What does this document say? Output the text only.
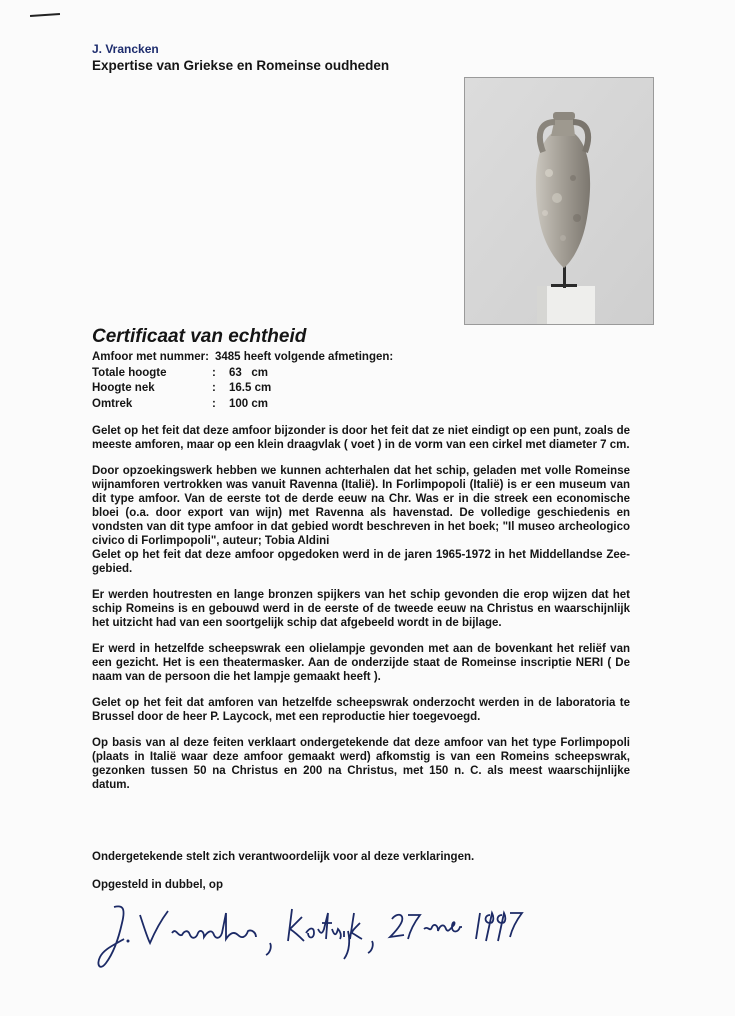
J. Vrancken
Expertise van Griekse en Romeinse oudheden
Certificaat van echtheid
Amfoor met nummer: 3485 heeft volgende afmetingen:
Totale hoogte	: 63   cm
Hoogte nek	: 16.5 cm
Omtrek	: 100 cm

Gelet op het feit dat deze amfoor bijzonder is door het feit dat ze niet eindigt op een punt, zoals de meeste amforen, maar op een klein draagvlak ( voet ) in de vorm van een cirkel met diameter 7 cm.

Door opzoekingswerk hebben we kunnen achterhalen dat het schip, geladen met volle Romeinse wijnamforen vertrokken was vanuit Ravenna (Italië). In Forlimpopoli (Italië) is er een museum van dit type amfoor. Van de eerste tot de derde eeuw na Chr. Was er in die streek een economische bloei (o.a. door export van wijn) met Ravenna als havenstad. De volledige geschiedenis en vondsten van dit type amfoor in dat gebied wordt beschreven in het boek; "Il museo archeologico civico di Forlimpopoli", auteur; Tobia Aldini

Gelet op het feit dat deze amfoor opgedoken werd in de jaren 1965-1972 in het Middellandse Zee-gebied.

Er werden houtresten en lange bronzen spijkers van het schip gevonden die erop wijzen dat het schip Romeins is en gebouwd werd in de eerste of de tweede eeuw na Christus en waarschijnlijk het uitzicht had van een soortgelijk schip dat afgebeeld wordt in de bijlage.

Er werd in hetzelfde scheepswrak een olielampje gevonden met aan de bovenkant het reliëf van een gezicht. Het is een theatermasker. Aan de onderzijde staat de Romeinse inscriptie NERI ( De naam van de persoon die het lampje gemaakt heeft ).

Gelet op het feit dat amforen van hetzelfde scheepswrak onderzocht werden in de laboratoria te Brussel door de heer P. Laycock, met een reproductie hier toegevoegd.

Op basis van al deze feiten verklaart ondergetekende dat deze amfoor van het type Forlimpopoli (plaats in Italië waar deze amfoor gemaakt werd) afkomstig is van een Romeins scheepswrak, gezonken tussen 50 na Christus en 200 na Christus, met 150 n. C. als meest waarschijnlijke datum.

Ondergetekende stelt zich verantwoordelijk voor al deze verklaringen.
Opgesteld in dubbel, op
